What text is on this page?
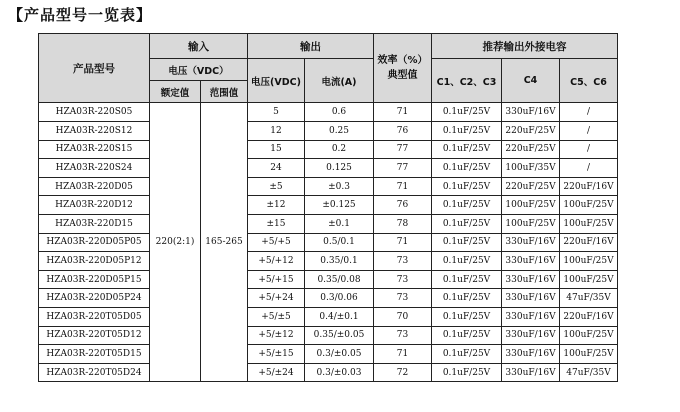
【产品型号一览表】
产品型号	输入		输出		效率（%）典型值	推荐输出外接电容		
	电压（VDC）		电压(VDC)	电流(A)		C1、C2、C3	C4	C5、C6
	额定值	范围值						
HZA03R-220S05	220(2:1)	165-265	5	0.6	71	0.1uF/25V	330uF/16V	/
HZA03R-220S12			12	0.25	76	0.1uF/25V	220uF/25V	/
HZA03R-220S15			15	0.2	77	0.1uF/25V	220uF/25V	/
HZA03R-220S24			24	0.125	77	0.1uF/25V	100uF/35V	/
HZA03R-220D05			±5	±0.3	71	0.1uF/25V	220uF/25V	220uF/16V
HZA03R-220D12			±12	±0.125	76	0.1uF/25V	100uF/25V	100uF/25V
HZA03R-220D15			±15	±0.1	78	0.1uF/25V	100uF/25V	100uF/25V
HZA03R-220D05P05			+5/+5	0.5/0.1	71	0.1uF/25V	330uF/16V	220uF/16V
HZA03R-220D05P12			+5/+12	0.35/0.1	73	0.1uF/25V	330uF/16V	100uF/25V
HZA03R-220D05P15			+5/+15	0.35/0.08	73	0.1uF/25V	330uF/16V	100uF/25V
HZA03R-220D05P24			+5/+24	0.3/0.06	73	0.1uF/25V	330uF/16V	47uF/35V
HZA03R-220T05D05			+5/±5	0.4/±0.1	70	0.1uF/25V	330uF/16V	220uF/16V
HZA03R-220T05D12			+5/±12	0.35/±0.05	73	0.1uF/25V	330uF/16V	100uF/25V
HZA03R-220T05D15			+5/±15	0.3/±0.05	71	0.1uF/25V	330uF/16V	100uF/25V
HZA03R-220T05D24			+5/±24	0.3/±0.03	72	0.1uF/25V	330uF/16V	47uF/35V
